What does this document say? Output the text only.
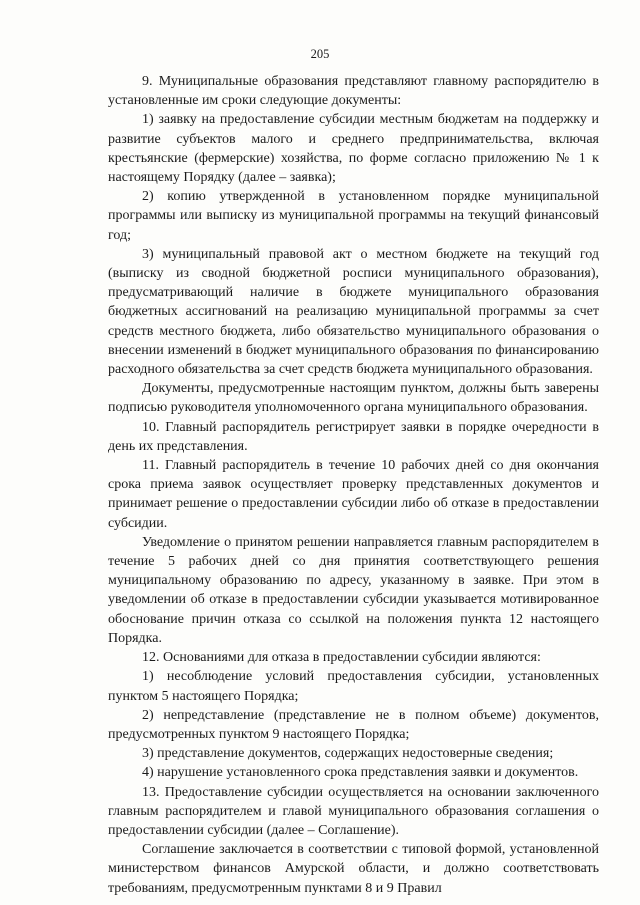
205

9. Муниципальные образования представляют главному распорядителю в установленные им сроки следующие документы:

1) заявку на предоставление субсидии местным бюджетам на поддержку и развитие субъектов малого и среднего предпринимательства, включая крестьянские (фермерские) хозяйства, по форме согласно приложению № 1 к настоящему Порядку (далее – заявка);

2) копию утвержденной в установленном порядке муниципальной программы или выписку из муниципальной программы на текущий финансовый год;

3) муниципальный правовой акт о местном бюджете на текущий год (выписку из сводной бюджетной росписи муниципального образования), предусматривающий наличие в бюджете муниципального образования бюджетных ассигнований на реализацию муниципальной программы за счет средств местного бюджета, либо обязательство муниципального образования о внесении изменений в бюджет муниципального образования по финансированию расходного обязательства за счет средств бюджета муниципального образования.

Документы, предусмотренные настоящим пунктом, должны быть заверены подписью руководителя уполномоченного органа муниципального образования.

10. Главный распорядитель регистрирует заявки в порядке очередности в день их представления.

11. Главный распорядитель в течение 10 рабочих дней со дня окончания срока приема заявок осуществляет проверку представленных документов и принимает решение о предоставлении субсидии либо об отказе в предоставлении субсидии.

Уведомление о принятом решении направляется главным распорядителем в течение 5 рабочих дней со дня принятия соответствующего решения муниципальному образованию по адресу, указанному в заявке. При этом в уведомлении об отказе в предоставлении субсидии указывается мотивированное обоснование причин отказа со ссылкой на положения пункта 12 настоящего Порядка.

12. Основаниями для отказа в предоставлении субсидии являются:

1) несоблюдение условий предоставления субсидии, установленных пунктом 5 настоящего Порядка;

2) непредставление (представление не в полном объеме) документов, предусмотренных пунктом 9 настоящего Порядка;

3) представление документов, содержащих недостоверные сведения;

4) нарушение установленного срока представления заявки и документов.

13. Предоставление субсидии осуществляется на основании заключенного главным распорядителем и главой муниципального образования соглашения о предоставлении субсидии (далее – Соглашение).

Соглашение заключается в соответствии с типовой формой, установленной министерством финансов Амурской области, и должно соответствовать требованиям, предусмотренным пунктами 8 и 9 Правил
